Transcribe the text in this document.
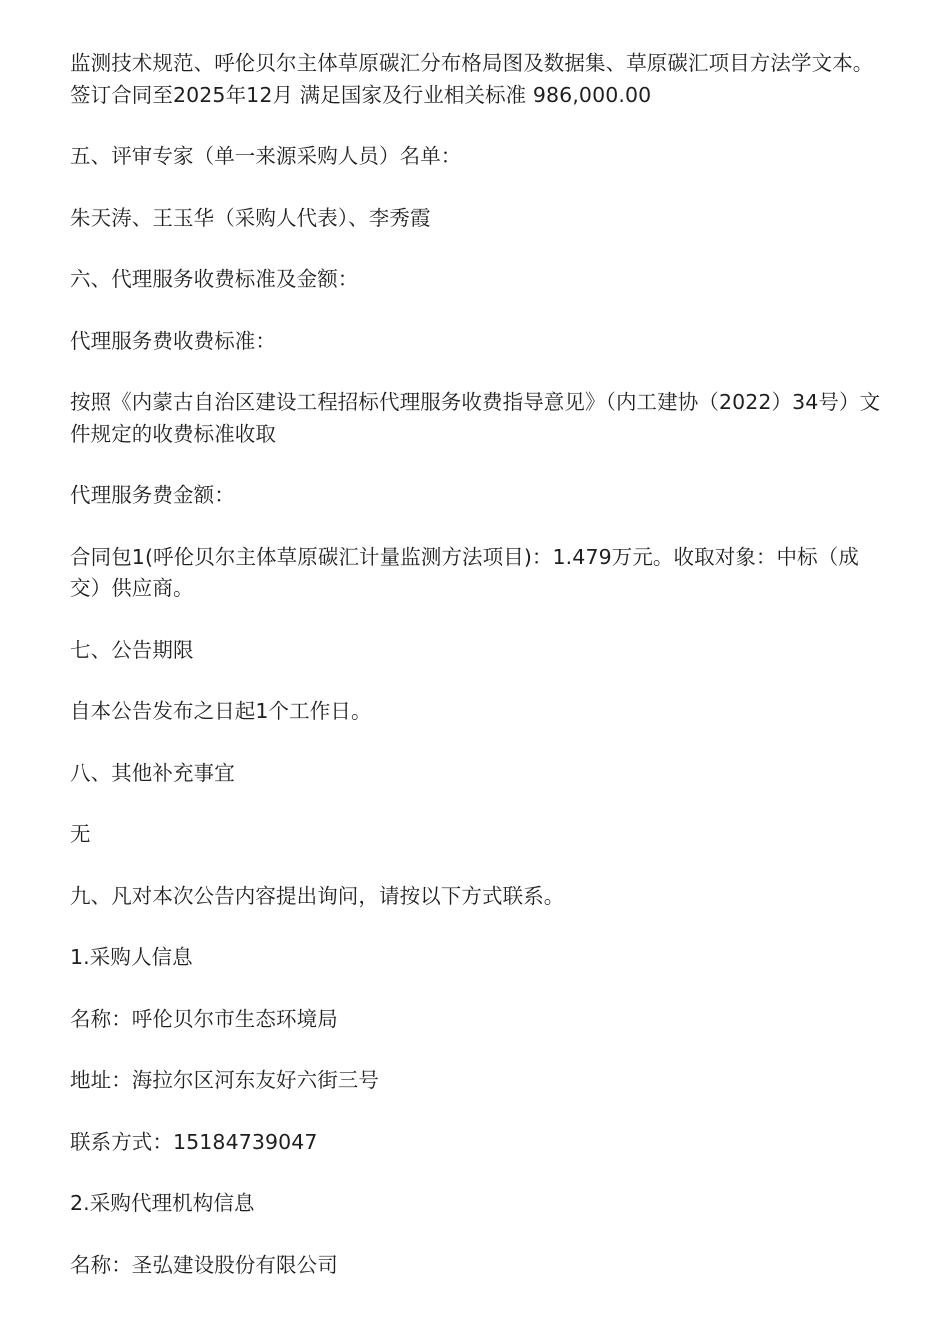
监测技术规范、呼伦贝尔主体草原碳汇分布格局图及数据集、草原碳汇项目方法学文本。 签订合同至2025年12月 满足国家及行业相关标准 986,000.00

五、评审专家（单一来源采购人员）名单：

朱天涛、王玉华（采购人代表）、李秀霞

六、代理服务收费标准及金额：

代理服务费收费标准：

按照《内蒙古自治区建设工程招标代理服务收费指导意见》（内工建协（2022）34号）文件规定的收费标准收取

代理服务费金额：

合同包1(呼伦贝尔主体草原碳汇计量监测方法项目)：1.479万元。收取对象：中标（成交）供应商。

七、公告期限

自本公告发布之日起1个工作日。

八、其他补充事宜

无

九、凡对本次公告内容提出询问，请按以下方式联系。

1.采购人信息

名称：呼伦贝尔市生态环境局

地址：海拉尔区河东友好六街三号

联系方式：15184739047

2.采购代理机构信息

名称：圣弘建设股份有限公司
